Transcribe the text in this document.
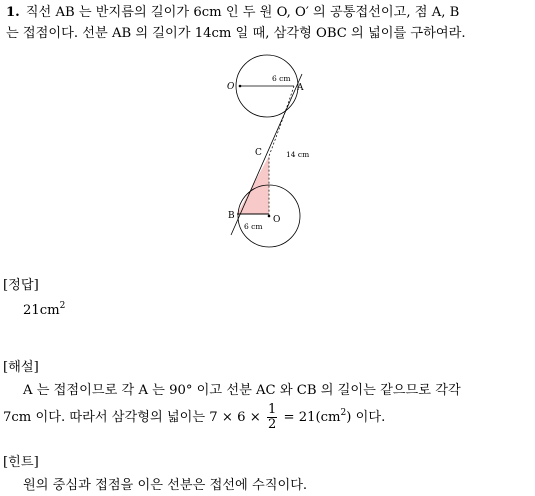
1. 직선 AB 는 반지름의 길이가 6cm 인 두 원 O, O′ 의 공통접선이고, 점 A, B
는 접점이다. 선분 AB 의 길이가 14cm 일 때, 삼각형 OBC 의 넓이를 구하여라.
O	A
6 cm
C	14 cm
B	O
6 cm
[정답]
$21cm^2$
[해설]
A 는 접점이므로 각 A 는 90° 이고 선분 AC 와 CB 의 길이는 같으므로 각각
7cm 이다. 따라서 삼각형의 넓이는 $7 \times 6 \times \frac{1}{2} = 21(cm^2)$ 이다.
[힌트]
원의 중심과 접점을 이은 선분은 접선에 수직이다.
